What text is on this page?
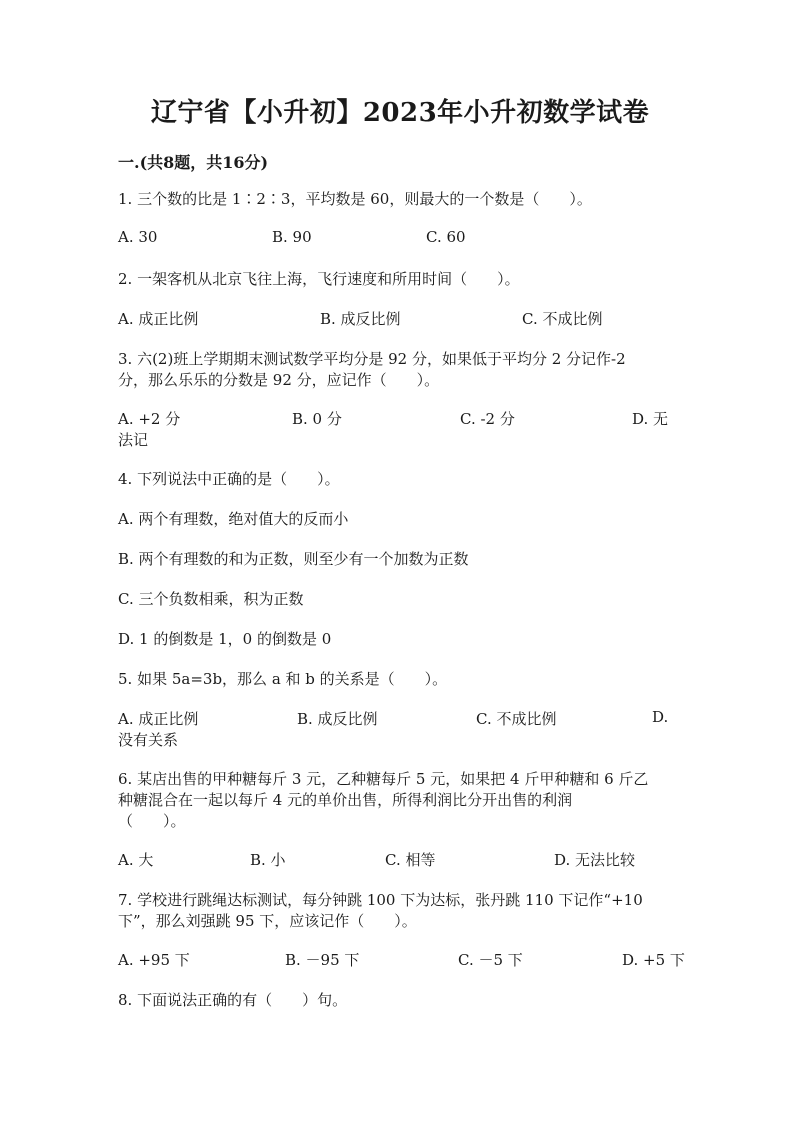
辽宁省【小升初】2023年小升初数学试卷
一.(共8题，共16分)
1. 三个数的比是 1∶2∶3，平均数是 60，则最大的一个数是（　　）。
A. 30	B. 90	C. 60
2. 一架客机从北京飞往上海，飞行速度和所用时间（　　）。
A. 成正比例	B. 成反比例	C. 不成比例
3. 六(2)班上学期期末测试数学平均分是 92 分，如果低于平均分 2 分记作-2
分，那么乐乐的分数是 92 分，应记作（　　）。
A. +2 分	B. 0 分	C. -2 分	D. 无
法记
4. 下列说法中正确的是（　　）。
A. 两个有理数，绝对值大的反而小
B. 两个有理数的和为正数，则至少有一个加数为正数
C. 三个负数相乘，积为正数
D. 1 的倒数是 1，0 的倒数是 0
5. 如果 5a=3b，那么 a 和 b 的关系是（　　）。
A. 成正比例	B. 成反比例	C. 不成比例	D.
没有关系
6. 某店出售的甲种糖每斤 3 元，乙种糖每斤 5 元，如果把 4 斤甲种糖和 6 斤乙
种糖混合在一起以每斤 4 元的单价出售，所得利润比分开出售的利润
（　　）。
A. 大	B. 小	C. 相等	D. 无法比较
7. 学校进行跳绳达标测试，每分钟跳 100 下为达标，张丹跳 110 下记作“+10
下”，那么刘强跳 95 下，应该记作（　　）。
A. +95 下	B. －95 下	C. －5 下	D. +5 下
8. 下面说法正确的有（　　）句。
